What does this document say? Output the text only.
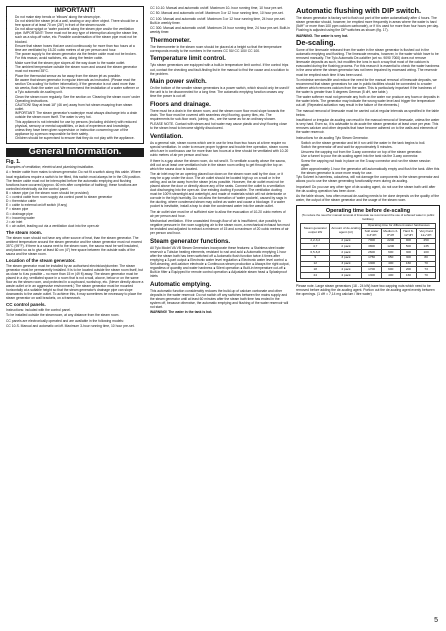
IMPORTANT!
• Do not make step bends or 'elbows' along the steam pipe.
• Do not shield the steam jet at a wall, seating or any other object. There should be a free space of at least 70 cm (28") in front of the steam nozzle.
• Do not allow spigot or 'water pockets' along the steam pipe and/or the ventilation pipe. IMPORTANT! There must not be any type of interruption along the steam line, such as a stop-off valve, etc. Possible condensation of the steam pipe must not be blocked.
• Ensure that steam hoses that are used continuously for more than two hours at a time are ventilated by 15-20 cubic metres of air per person and hour.
• The power supply to the steam generator via the feeder cable must not be broken. For this reason, avoid switches, etc. along the feeder cable.
• Make sure that the steam pipe slopes all the way down to the waste outlet.
• The ambient temperature outside the steam room and around the steam generator must not exceed 35°C.
• Place the thermostat sensor as far away from the steam jet as possible.
• Be aware that steam generator in regular intervals as instructed. (Please read the section 'De-scaling' for further information). If the generator is not used more than six weeks, flush the water out. We recommend the installation of a water softener or a Tylo automatic de-scaling unit.
• Clean the steam room regularly. See the section on 'Cleaning the steam room' under Operating instructions.
• CAUTION! Stay at least 18" (46 cm) away from hot steam escaping from steam outlet.
• IMPORTANT! The steam generator's waterpipe must always discharge into a drain outside the steam room itself. The water is very hot.
• This appliance is not intended for use by persons (including children) with reduced physical, sensory or mental capabilities, or lack of experience and knowledge, unless they have been given supervision or instruction concerning use of the appliance by a person responsible for their safety.
• Children should be supervised to ensure that they do not play with the appliance.
General Information.
Fig. 1.

Examples of ventilation, electrical and plumbing installation.

A = feeder cable from mains to steam generator. Do not fit a switch along this cable. Where local regulations require a switch to be fitted, this switch must always be in the ON position. The feeder cable must not be interrupted before the automatic emptying and flushing functions have occurred (approx. 60 min after completion of bathing); these functions are controlled electrically via the control panel.
B = steam pipe (on the steam room should be provided)
C = control cable from room supply via control panel to steam generator
D = thermistor cable
E = cable to external on/off switch (if any)
F = steam pipe
G = drainage pipe
H = incoming water
J = air inlet
K = air outlet, leading out via a ventilation duct into the open air
The steam room.

The steam room should not have any other source of heat, than the steam generator. The ambient temperature around the steam generator and the steam generator must not exceed 35°C (95°F). If there is a sauna next to the steam room, the sauna must be well insulated, and placed so as to give at least 60 cm (4") free space between the outside walls of the sauna and the steam room.

Location of the steam generator.

The steam generator must be installed by an authorised electrician/plumber. The steam generator must be permanently installed. It is to be located outside the steam room itself, but as close to it as possible – no more than 15 m (49 ft) away. The steam generator must be placed in a dry, ventilated space in a room that is not a wall, alcove, below or on the same floor as the steam room, and protected in a cupboard, workshop, etc. (Never directly above a waste outlet or in an aggressive environment.) The steam generator must be mounted horizontally at a suitable height so that the steam generator's drainage pipe can slope downwards to the waste outlet. To achieve this, it may sometimes be necessary to place the steam generator on wall brackets, on a framework.

CC control panels.

Instructions: included with the control panel.

To be installed outside the steamroom, at any distance from the steam room.

CC panels are electronically operated and are available in the following models:

CC 10-S. Manual and automatic on/off. Maximum 3-hour running time, 10 hour pre-set.

CC 10-10. Manual and automatic on/off. Maximum 10- hour running time, 10 hour pre-set.

CC 50. Manual and automatic on/off. Maximum 3 or 12 hour running time, 10 hour pre-set.

CC 100. Manual and automatic on/off. Maximum 3 or 12 hour running time, 24 hour pre-set. Built-in weekly timer.

CC 300. Manual and automatic on/off. Maximum 24 hour running time, 24 hour pre-set. Built-in weekly timer.

Thermometer.

The thermometer in the steam room should be placed at a height so that the temperature corresponds mostly to the numbers in the names CC 50/ CC 100/ CC 100.

Temperature limit control.

Tylo steam generators are equipped with a built-in temperature limit control. If the control trips out, contact the checking and fault-finding list in the manual to find the cause and a solution to the problem.

Main power switch.

On the bottom of the smaller steam generators is a power switch, which should only be used if the unit is to be disconnected for a long time. The automatic emptying function ceases any time the power is cut off.

Floors and drainage.

There must be a drain in the steam room, and the steam room floor must slope towards the drain. The floor must be covered with seamless vinyl flooring, quarry tiles, etc. The requirements for sub-floor work, joining, etc., are the same as for an ordinary shower.

PLEASE NOTE. Contact with steam and hot water may cause plastic and vinyl flooring close to the steam head to become slightly discoloured.

Ventilation.

As a general rule, steam rooms which are in use for less than two hours at a time require no special ventilation. In order to ensure proper hygiene and trouble free operation, steam rooms which are in continuous use for more than two hours at a time should be ventilated with 10-20 cubic metres of air per person and hour.

If there is a gap above the steam room, do not seal it. To ventilate a cavity above the sauna, drill out an at least one ventilation hole in the steam room ceiling to get through the top on which the sauna door is located.

The air inlet may be an opening placed low down on the steam room wall by the door, or it may be a gap under the door. The air outlet should be located high up on a wall or in the ceiling, and as far away from the steam jet as possible. However, the air outlet must not be placed above the door or directly above any of the seats. Connect the outlet to a ventilation duct discharging into the open air. Use existing ducting if possible. The ventilation ducting must be 100% steamtight and watertight, and made of materials which will not deteriorate or corrode in the high humidity. Do not allow the formation of 'water pockets', caused by sags in the ducting, where condensed steam may collect as water and cause a blockage. If a water pocket is inevitable, install a trap to drain the condensed water into the waste outlet.

The air outlet size must be of sufficient size to allow the evacuation of 10-20 cubic metres of air per person and hour.

Mechanical ventilation. If the unassisted through-flow of air is insufficient, due possibly to negative pressure in the room supplying air to the steam room, a mechanical exhaust fan must be installed and adjusted to extract a minimum of 15 and a maximum of 20 cubic metres of air per person and hour.

Steam generator functions.

All Tylo Model VA VB Steam Generators incorporate these features: ● Stainless steel water reservoir ● Tubular heating elements, resistant to rust and acid ● Automatic emptying 1 hour after the steam bath has been switched off ● Automatic flush function twice 4 times after emptying ● 3-part output ● Electronic water level regulation ● Electronic water level control ● Self-cleaning, anti-calcium electrode ● Continuous steam production ● Always the right output, regardless of quantity and water hardness ● Silent operation ● Built-in temperature cut-off ● Built-in filter ● Equipped for remote control operation ● Adjustable steam head ● Splashproof inlets

Automatic emptying.

This automatic function considerably reduces the build-up of calcium carbonate and other deposits in the water reservoir. Do not switch off any switches between the mains supply and the steam generator until at least 60 minutes after the steam bath time has ended in the system off, because otherwise, the automatic emptying and flushing of the water reservoir will not start.

WARNING! The water in the tank is hot.

Automatic flushing with DIP switch.

The steam generator is factory set to flush out part of the water automatically after 4 hours. The steam generator should, however, be emptied more frequently in areas where the water is hard (5dH° or more than 100 ppm calcium carbonate), or if it is used for more than four hours per day. Flushing is adjusted using the DIP switches as shown (fig. 17).

WARNING. The water is very hot.

De-scaling.

Some of the limescale released from the water in the steam generator is flushed out in the automatic emptying and flushing. The limescale remains, however, in the water which have to be removed manually. The Tylo Automatic De-calcifier (art no. 9090 7000) does not remove limescale deposits as such, but modifies the ions in such a way that most of the calcium is evacuated during the flushing process. For this reason it is essential to check the water hardness in the area where the steam generator has not been impaired by excessed wiring. The reservoir must be emptied each time it has been used.

To minimise services/life and reduce the need for the manual removal of limescale deposits, we recommend that steam generators for use in public facilities should be connected to a water softener which removes calcium from the water. This is particularly important if the hardness of the water is greater than 5 degrees German (5 dH, see table.)

The water softener must not generate any froth on the water nor produce any foam or deposits in the water inlets. The generator may indicate the wrong water level and trigger the temperature cut-off. (Repeated activation may result in the failure of the elements.)

The manual removal of limescale must be carried out at regular intervals as specified in the table below.

Insufficient or irregular de-scaling can result in the manual removal of limescale, unless the water is very hard. Even so, it is advisable to de-scale the steam generator at least once per year. This removes calcium and other deposits that have become adhered on to the walls and elements of the water reservoir.

Instructions for de-scaling Tylo Steam Generator.

• Switch on the steam generator and let it run until the water in the tank begins to boil.
• Switch the generator off and wait for approximately 5 minutes.
• Unscrew the capping nut from the 3-way connector on top of the steam generator.
• Use a funnel to pour the de-scaling agent into the tank via the 3-way connector.
• Screw the capping nut back in place on the 3-way connector and run the steam session again.
• After approximately 1 hour the generator will automatically empty and flush the tank. After this the steam generator is once more ready for use.

Tylo Solvent is harmless, odourless, will not damage the components in the steam generator and allows you to use the steam generating functionality even during de-scaling.

Important! Do you use any other type of de-scaling agent, do not use the steam bath until after the de-scaling operation has been done.

As the table shows, how often manual de-scaling needs to be done depends on the quality of the water, the output of the steam generator and the usage of the steam room.

Operating time before de-scaling
(To reduce the need for manual removal of limescale we recommend the use of softened water in public facilities)
Steam generator output kW	Amount of de-scaling agent (ml)	Operating time for different water hardnesses			
		Soft water 0-3°dH	Medium 3-8°dH	Hard 8-12°dH	Very hard 12+°dH
2,2-3,2	2 pack	7000	2200	900	250
4,7	2 pack	3800	1200	500	135
6,5-6,8	2 pack	2600	600	300	100
9	3 pack	1750	650	300	80
12	3 pack	1300	400	160	70
18	4 pack	1700	600	200	73
24	4 pack	1300	400	160	70

Please note. Large steam generators (18 - 24 kW) have two capping nuts which need to be removed before adding the de-scaling agent. Portion out the de-scaling agent evenly between the openings. (1 dH = 7,14 mg calcium / litre water)

5
